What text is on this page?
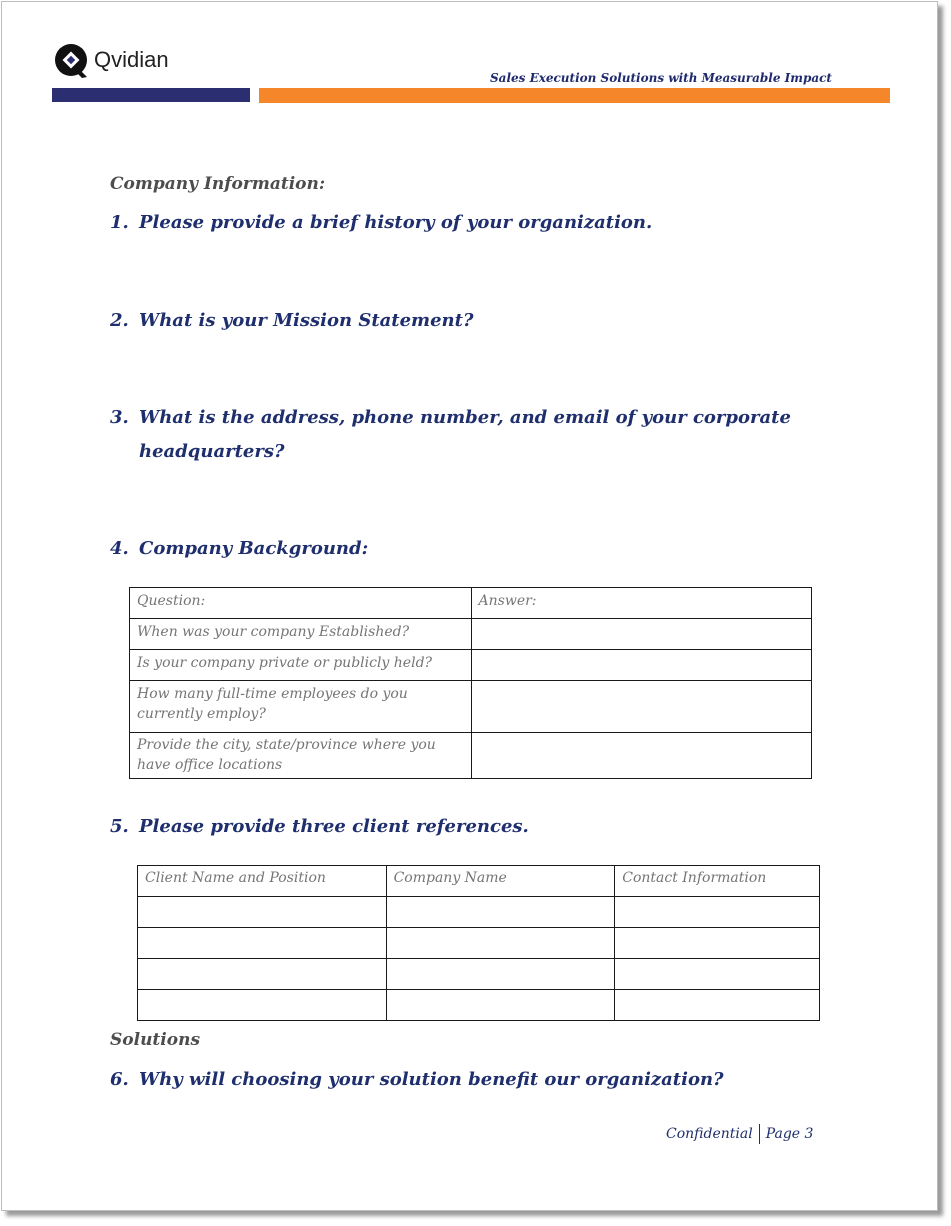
Qvidian
Sales Execution Solutions with Measurable Impact
Company Information:
1. Please provide a brief history of your organization.
2. What is your Mission Statement?
3. What is the address, phone number, and email of your corporate
headquarters?
4. Company Background:
Question:	Answer:
When was your company Established?	
Is your company private or publicly held?	
How many full-time employees do you currently employ?	
Provide the city, state/province where you have office locations	
5. Please provide three client references.
Client Name and Position	Company Name	Contact Information

Solutions
6. Why will choosing your solution benefit our organization?
Confidential Page 3
